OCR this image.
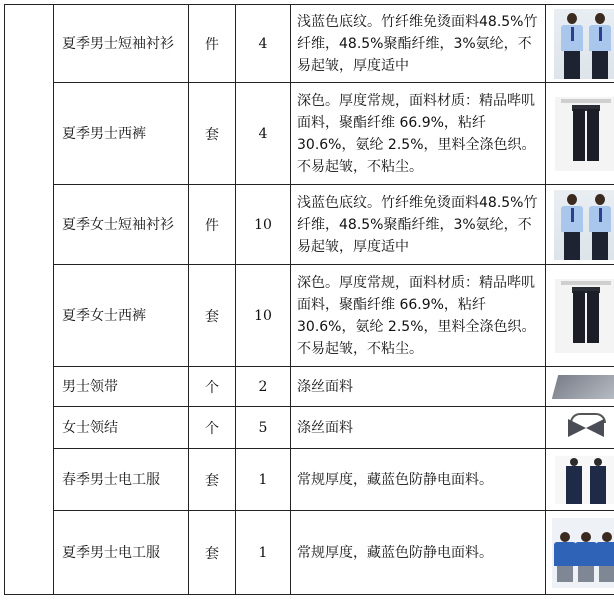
	夏季男士短袖衬衫	件	4	浅蓝色底纹。竹纤维免烫面料48.5%竹纤维，48.5%聚酯纤维，3%氨纶，不易起皱，厚度适中	

	夏季男士西裤	套	4	深色。厚度常规，面料材质：精品哔叽面料，聚酯纤维 66.9%，粘纤 30.6%，氨纶 2.5%，里料全涤色织。不易起皱，不粘尘。	

	夏季女士短袖衬衫	件	10	浅蓝色底纹。竹纤维免烫面料48.5%竹纤维，48.5%聚酯纤维，3%氨纶，不易起皱，厚度适中	

	夏季女士西裤	套	10	深色。厚度常规，面料材质：精品哔叽面料，聚酯纤维 66.9%，粘纤 30.6%，氨纶 2.5%，里料全涤色织。不易起皱，不粘尘。	

	男士领带	个	2	涤丝面料	
	女士领结	个	5	涤丝面料	

	春季男士电工服	套	1	常规厚度，藏蓝色防静电面料。	

	夏季男士电工服	套	1	常规厚度，藏蓝色防静电面料。	
